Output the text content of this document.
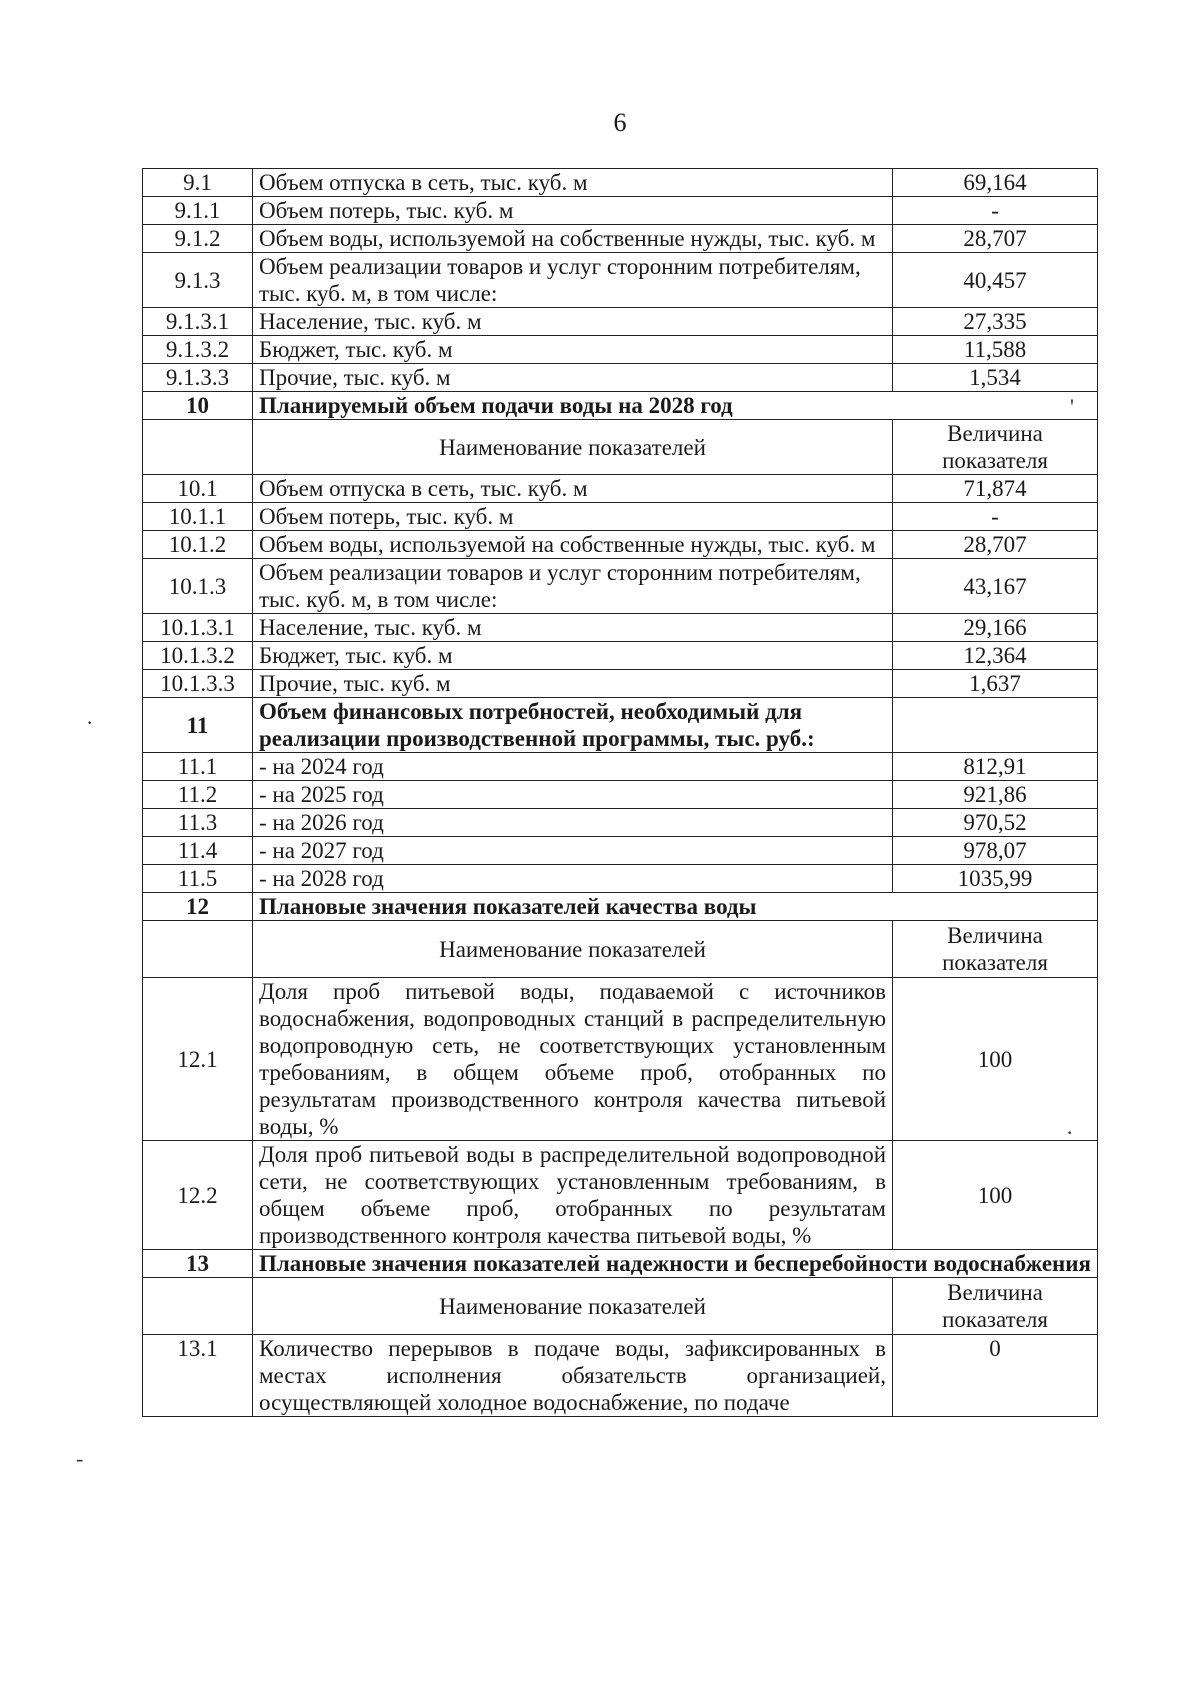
6
9.1	Объем отпуска в сеть, тыс. куб. м	69,164
9.1.1	Объем потерь, тыс. куб. м	-
9.1.2	Объем воды, используемой на собственные нужды, тыс. куб. м	28,707
9.1.3	Объем реализации товаров и услуг сторонним потребителям, тыс. куб. м, в том числе:	40,457
9.1.3.1	Население, тыс. куб. м	27,335
9.1.3.2	Бюджет, тыс. куб. м	11,588
9.1.3.3	Прочие, тыс. куб. м	1,534
10	Планируемый объем подачи воды на 2028 год	
	Наименование показателей	Величина показателя
10.1	Объем отпуска в сеть, тыс. куб. м	71,874
10.1.1	Объем потерь, тыс. куб. м	-
10.1.2	Объем воды, используемой на собственные нужды, тыс. куб. м	28,707
10.1.3	Объем реализации товаров и услуг сторонним потребителям, тыс. куб. м, в том числе:	43,167
10.1.3.1	Население, тыс. куб. м	29,166
10.1.3.2	Бюджет, тыс. куб. м	12,364
10.1.3.3	Прочие, тыс. куб. м	1,637
11	Объем финансовых потребностей, необходимый для реализации производственной программы, тыс. руб.:	
11.1	- на 2024 год	812,91
11.2	- на 2025 год	921,86
11.3	- на 2026 год	970,52
11.4	- на 2027 год	978,07
11.5	- на 2028 год	1035,99
12	Плановые значения показателей качества воды	
	Наименование показателей	Величина показателя
12.1	Доля проб питьевой воды, подаваемой с источников водоснабжения, водопроводных станций в распределительную водопроводную сеть, не соответствующих установленным требованиям, в общем объеме проб, отобранных по результатам производственного контроля качества питьевой воды, %	100
12.2	Доля проб питьевой воды в распределительной водопроводной сети, не соответствующих установленным требованиям, в общем объеме проб, отобранных по результатам производственного контроля качества питьевой воды, %	100
13	Плановые значения показателей надежности и бесперебойности водоснабжения	
	Наименование показателей	Величина показателя
13.1	Количество перерывов в подаче воды, зафиксированных в местах исполнения обязательств организацией, осуществляющей холодное водоснабжение, по подаче	0
'
·
·
-
